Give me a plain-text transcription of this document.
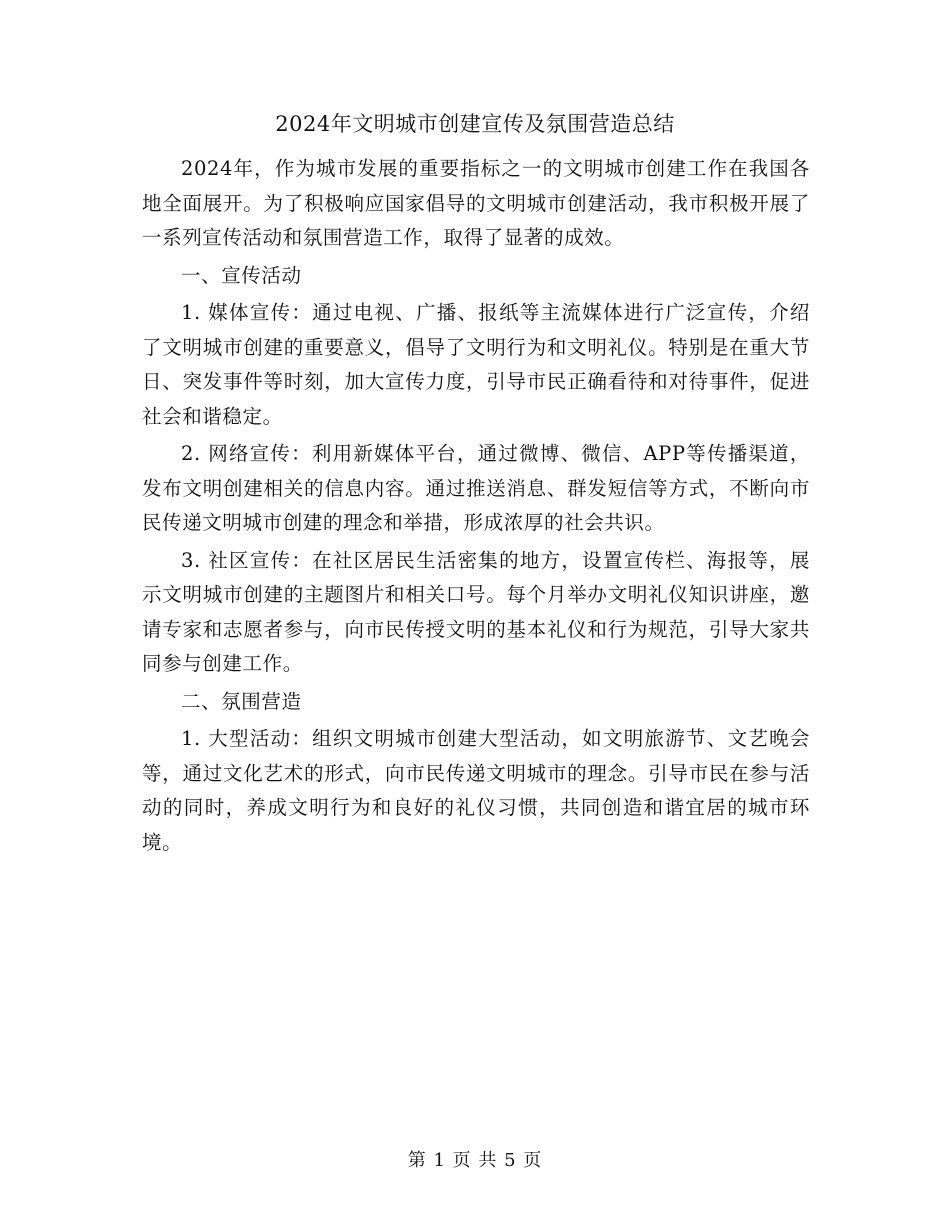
2024年文明城市创建宣传及氛围营造总结

2024年，作为城市发展的重要指标之一的文明城市创建工作在我国各地全面展开。为了积极响应国家倡导的文明城市创建活动，我市积极开展了一系列宣传活动和氛围营造工作，取得了显著的成效。

一、宣传活动

1. 媒体宣传：通过电视、广播、报纸等主流媒体进行广泛宣传，介绍了文明城市创建的重要意义，倡导了文明行为和文明礼仪。特别是在重大节日、突发事件等时刻，加大宣传力度，引导市民正确看待和对待事件，促进社会和谐稳定。

2. 网络宣传：利用新媒体平台，通过微博、微信、APP等传播渠道，发布文明创建相关的信息内容。通过推送消息、群发短信等方式，不断向市民传递文明城市创建的理念和举措，形成浓厚的社会共识。

3. 社区宣传：在社区居民生活密集的地方，设置宣传栏、海报等，展示文明城市创建的主题图片和相关口号。每个月举办文明礼仪知识讲座，邀请专家和志愿者参与，向市民传授文明的基本礼仪和行为规范，引导大家共同参与创建工作。

二、氛围营造

1. 大型活动：组织文明城市创建大型活动，如文明旅游节、文艺晚会等，通过文化艺术的形式，向市民传递文明城市的理念。引导市民在参与活动的同时，养成文明行为和良好的礼仪习惯，共同创造和谐宜居的城市环境。

第 1 页 共 5 页
